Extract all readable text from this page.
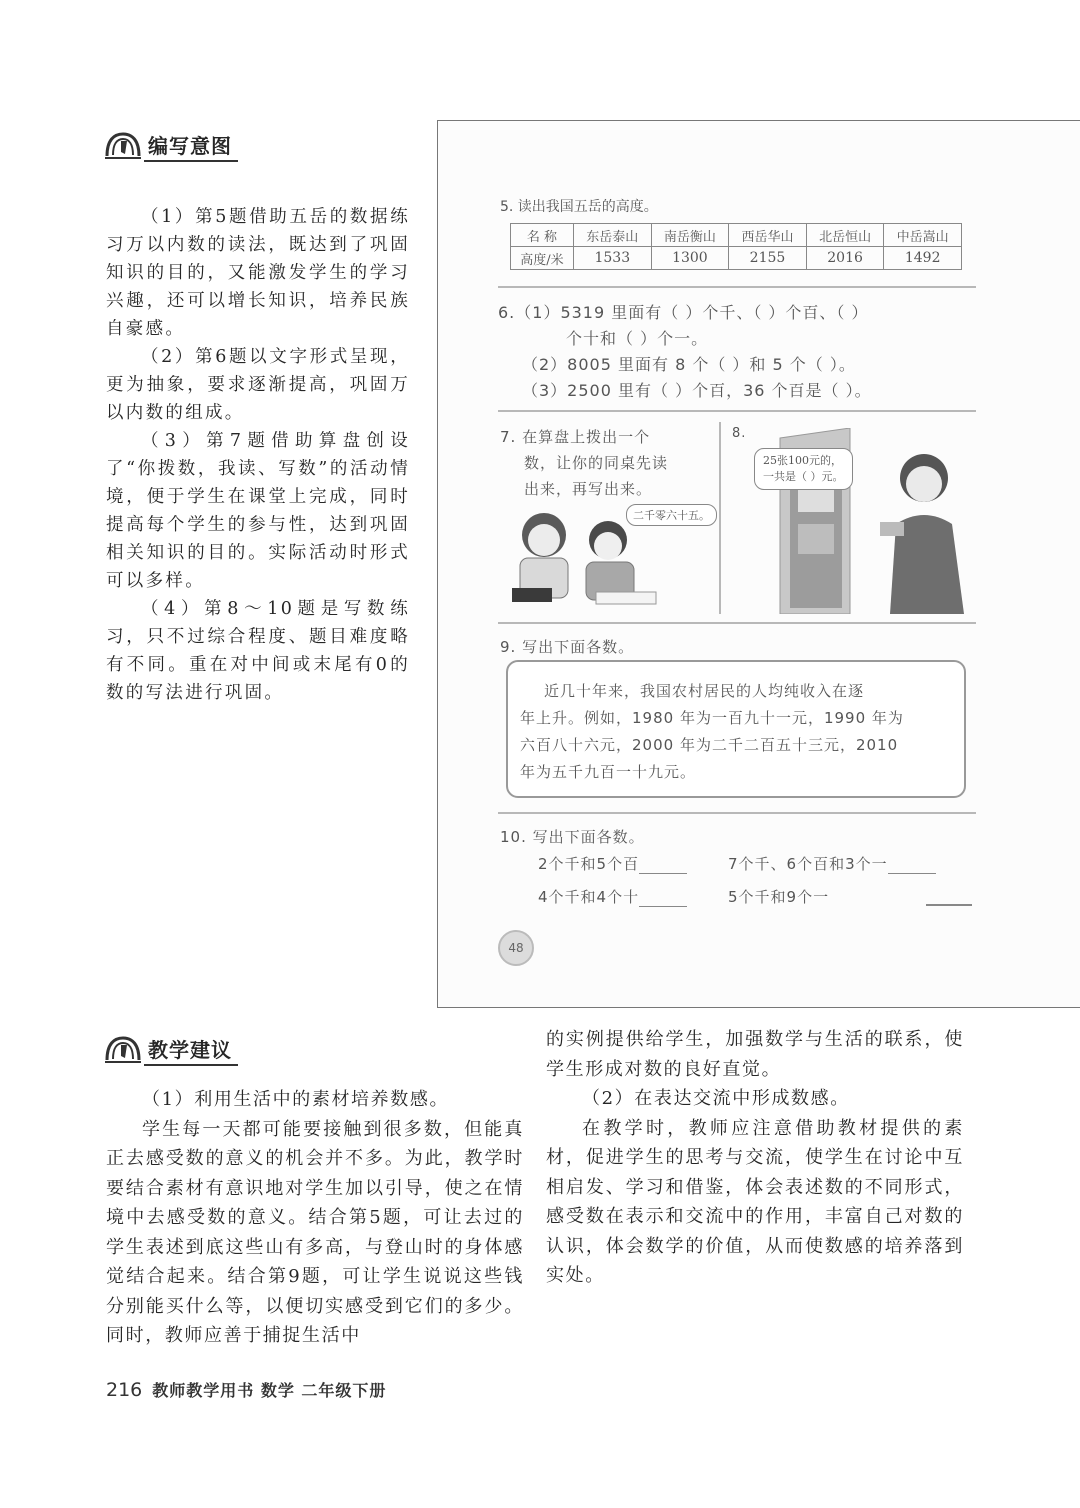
编写意图

（1）第5题借助五岳的数据练习万以内数的读法，既达到了巩固知识的目的，又能激发学生的学习兴趣，还可以增长知识，培养民族自豪感。

（2）第6题以文字形式呈现，更为抽象，要求逐渐提高，巩固万以内数的组成。

（3）第7题借助算盘创设了“你拨数，我读、写数”的活动情境，便于学生在课堂上完成，同时提高每个学生的参与性，达到巩固相关知识的目的。实际活动时形式可以多样。

（4）第8～10题是写数练习，只不过综合程度、题目难度略有不同。重在对中间或末尾有0的数的写法进行巩固。

5. 读出我国五岳的高度。
名 称	东岳泰山	南岳衡山	西岳华山	北岳恒山	中岳嵩山
高度/米	1533	1300	2155	2016	1492
6.（1）5319 里面有（ ）个千、（ ）个百、（ ）
个十和（ ）个一。
（2）8005 里面有 8 个（ ）和 5 个（ ）。
（3）2500 里有（ ）个百，36 个百是（ ）。
7. 在算盘上拨出一个
数，让你的同桌先读
出来，再写出来。
二千零六十五。
8.
25张100元的，
一共是（ ）元。
9. 写出下面各数。
近几十年来，我国农村居民的人均纯收入在逐
年上升。例如，1980 年为一百九十一元，1990 年为
六百八十六元，2000 年为二千二百五十三元，2010
年为五千九百一十九元。
10. 写出下面各数。
2个千和5个百	7个千、6个百和3个一
4个千和4个十	5个千和9个一
48
教学建议

（1）利用生活中的素材培养数感。

学生每一天都可能要接触到很多数，但能真正去感受数的意义的机会并不多。为此，教学时要结合素材有意识地对学生加以引导，使之在情境中去感受数的意义。结合第5题，可让去过的学生表述到底这些山有多高，与登山时的身体感觉结合起来。结合第9题，可让学生说说这些钱分别能买什么等，以便切实感受到它们的多少。同时，教师应善于捕捉生活中

的实例提供给学生，加强数学与生活的联系，使学生形成对数的良好直觉。

（2）在表达交流中形成数感。

在教学时，教师应注意借助教材提供的素材，促进学生的思考与交流，使学生在讨论中互相启发、学习和借鉴，体会表述数的不同形式，感受数在表示和交流中的作用，丰富自己对数的认识，体会数学的价值，从而使数感的培养落到实处。

216 教师教学用书 数学 二年级下册
